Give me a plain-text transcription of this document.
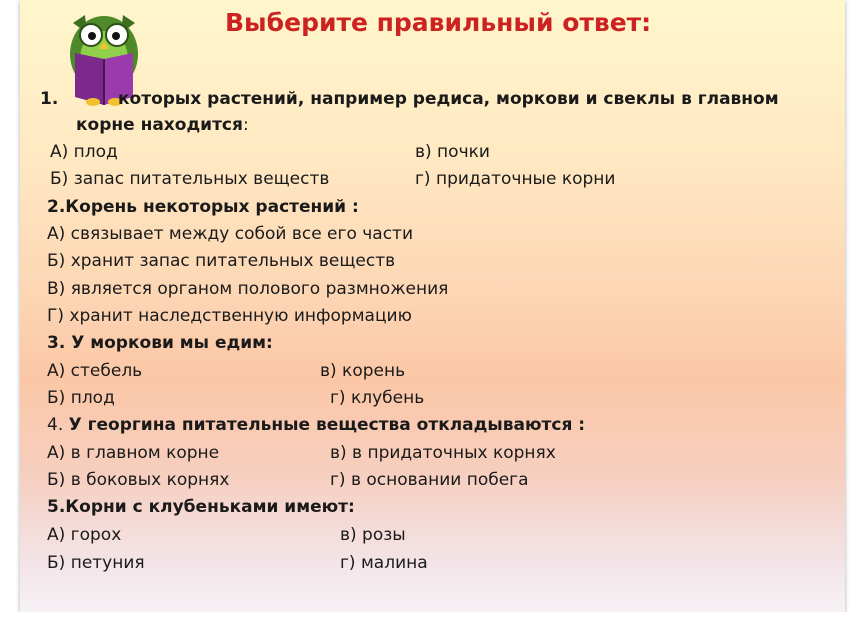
Выберите правильный ответ:
1.	которых растений, например редиса, моркови и свеклы в главном
корне находится:
А) плод	в) почки
Б) запас питательных веществ	г) придаточные корни
2.Корень некоторых растений :
А) связывает между собой все его части
Б) хранит запас питательных веществ
В) является органом полового размножения
Г) хранит наследственную информацию
3. У моркови мы едим:
А) стебель	в) корень
Б) плод	г) клубень
4. У георгина питательные вещества откладываются :
А) в главном корне	в) в придаточных корнях
Б) в боковых корнях	г) в основании побега
5.Корни с клубеньками имеют:
А) горох	в) розы
Б) петуния	г) малина
